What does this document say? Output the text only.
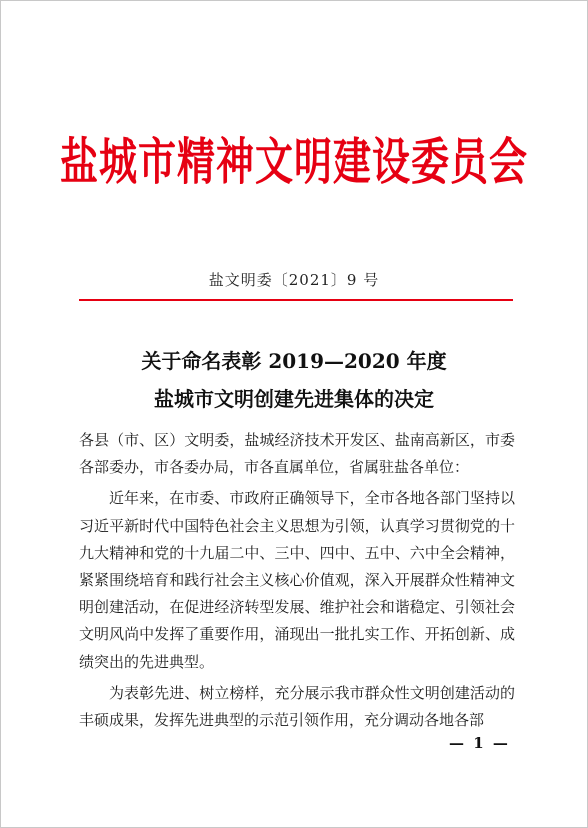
盐城市精神文明建设委员会
盐文明委〔2021〕9 号
关于命名表彰 2019—2020 年度
盐城市文明创建先进集体的决定

各县（市、区）文明委，盐城经济技术开发区、盐南高新区，市委各部委办，市各委办局，市各直属单位，省属驻盐各单位：

近年来，在市委、市政府正确领导下，全市各地各部门坚持以习近平新时代中国特色社会主义思想为引领，认真学习贯彻党的十九大精神和党的十九届二中、三中、四中、五中、六中全会精神，紧紧围绕培育和践行社会主义核心价值观，深入开展群众性精神文明创建活动，在促进经济转型发展、维护社会和谐稳定、引领社会文明风尚中发挥了重要作用，涌现出一批扎实工作、开拓创新、成绩突出的先进典型。

为表彰先进、树立榜样，充分展示我市群众性文明创建活动的丰硕成果，发挥先进典型的示范引领作用，充分调动各地各部

— 1 —
